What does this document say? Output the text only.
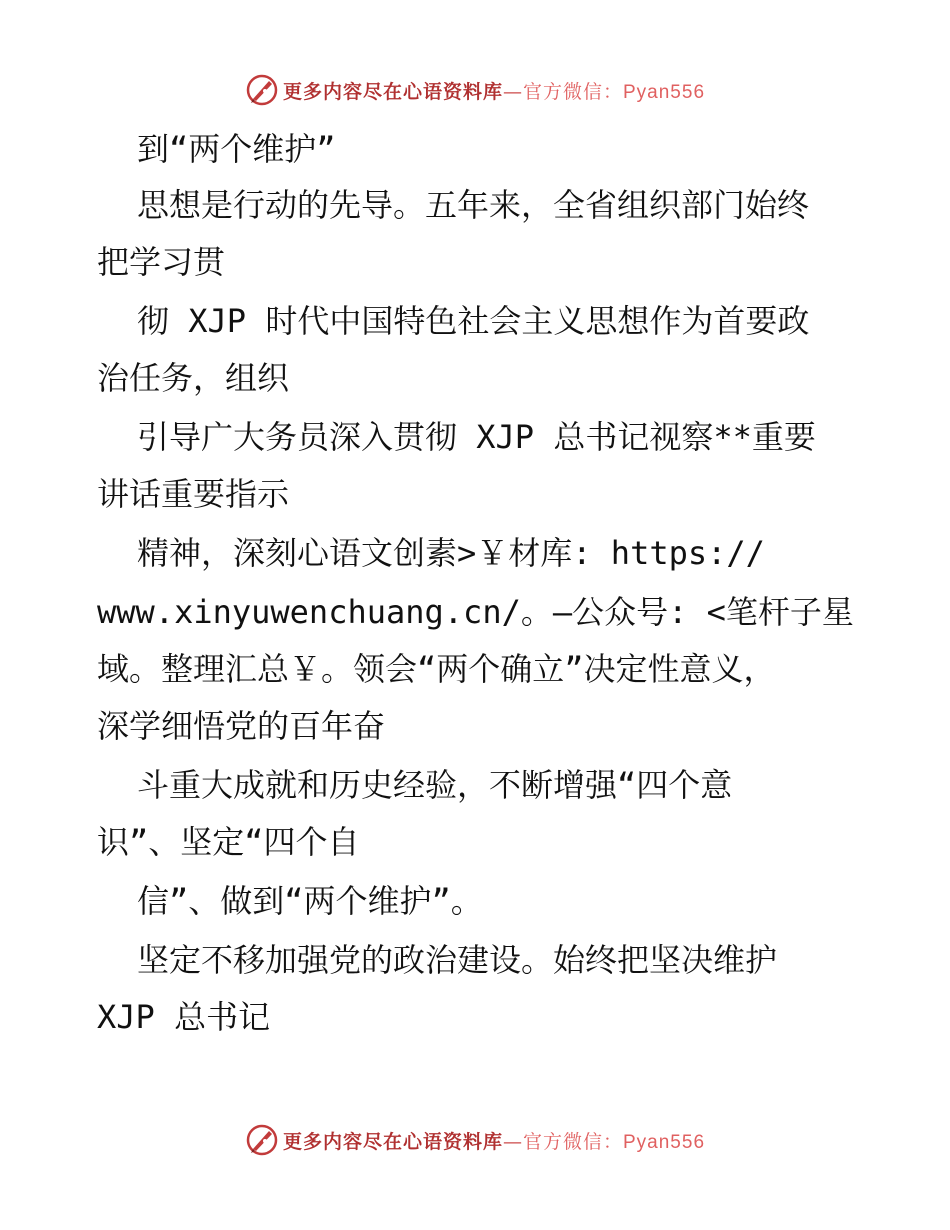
更多内容尽在心语资料库—官方微信：Pyan556
到“两个维护”
思想是行动的先导。五年来，全省组织部门始终
把学习贯
彻 XJP 时代中国特色社会主义思想作为首要政
治任务，组织
引导广大务员深入贯彻 XJP 总书记视察**重要
讲话重要指示
精神，深刻心语文创素>￥材库: https://
www.xinyuwenchuang.cn/。—公众号: <笔杆子星
域。整理汇总￥。领会“两个确立”决定性意义，
深学细悟党的百年奋
斗重大成就和历史经验，不断增强“四个意
识”、坚定“四个自
信”、做到“两个维护”。
坚定不移加强党的政治建设。始终把坚决维护
XJP 总书记
更多内容尽在心语资料库—官方微信：Pyan556
